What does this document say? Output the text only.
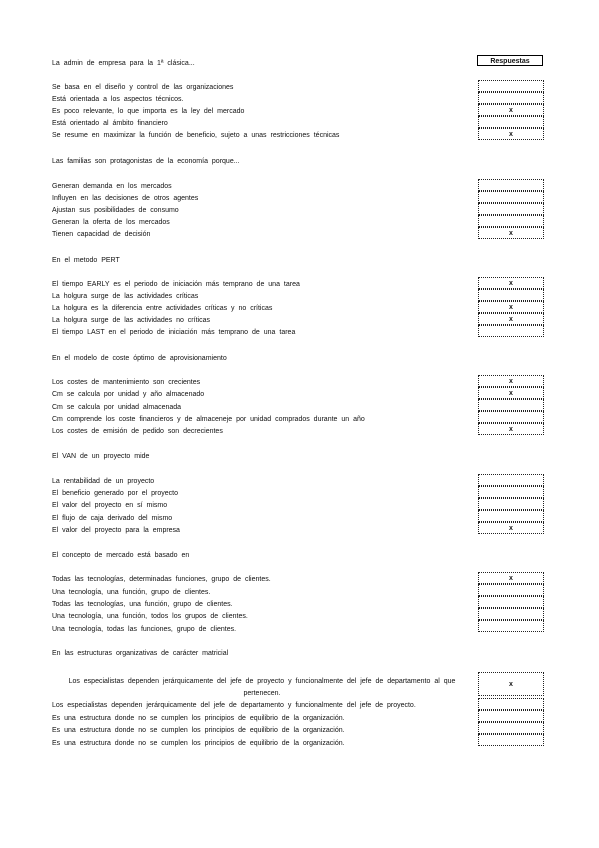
Respuestas
La admin de empresa para la 1ª clásica...
Se basa en el diseño y control de las organizaciones
Está orientada a los aspectos técnicos.
Es poco relevante, lo que importa es la ley del mercado
Está orientado al ámbito financiero
Se resume en maximizar la función de beneficio, sujeto a unas restricciones técnicas
x
x
Las familias son protagonistas de la economía porque...
Generan demanda en los mercados
Influyen en las decisiones de otros agentes
Ajustan sus posibilidades de consumo
Generan la oferta de los mercados
Tienen capacidad de decisión	x
En el metodo PERT
El tiempo EARLY es el periodo de iniciación más temprano de una tarea
La holgura surge de las actividades críticas
La holgura es la diferencia entre actividades críticas y no críticas
La holgura surge de las actividades no críticas
El tiempo LAST en el periodo de iniciación más temprano de una tarea
x
x
x
En el modelo de coste óptimo de aprovisionamiento
Los costes de mantenimiento son crecientes
Cm se calcula por unidad y año almacenado
Cm se calcula por unidad almacenada
Cm comprende los coste financieros y de almaceneje por unidad comprados durante un año
Los costes de emisión de pedido son decrecientes
x
x
x
El VAN de un proyecto mide
La rentabilidad de un proyecto
El beneficio generado por el proyecto
El valor del proyecto en sí mismo
El flujo de caja derivado del mismo
El valor del proyecto para la empresa	x
El concepto de mercado está basado en
Todas las tecnologías, determinadas funciones, grupo de clientes.
Una tecnología, una función, grupo de clientes.
Todas las tecnologías, una función, grupo de clientes.
Una tecnología, una función, todos los grupos de clientes.
Una tecnología, todas las funciones, grupo de clientes.
x
En las estructuras organizativas de carácter matricial
Los especialistas dependen jerárquicamente del jefe de proyecto y funcionalmente del jefe de departamento al que pertenecen.
Los especialistas dependen jerárquicamente del jefe de departamento y funcionalmente del jefe de proyecto.
Es una estructura donde no se cumplen los principios de equilibrio de la organización.
Es una estructura donde no se cumplen los principios de equilibrio de la organización.
Es una estructura donde no se cumplen los principios de equilibrio de la organización.
x
